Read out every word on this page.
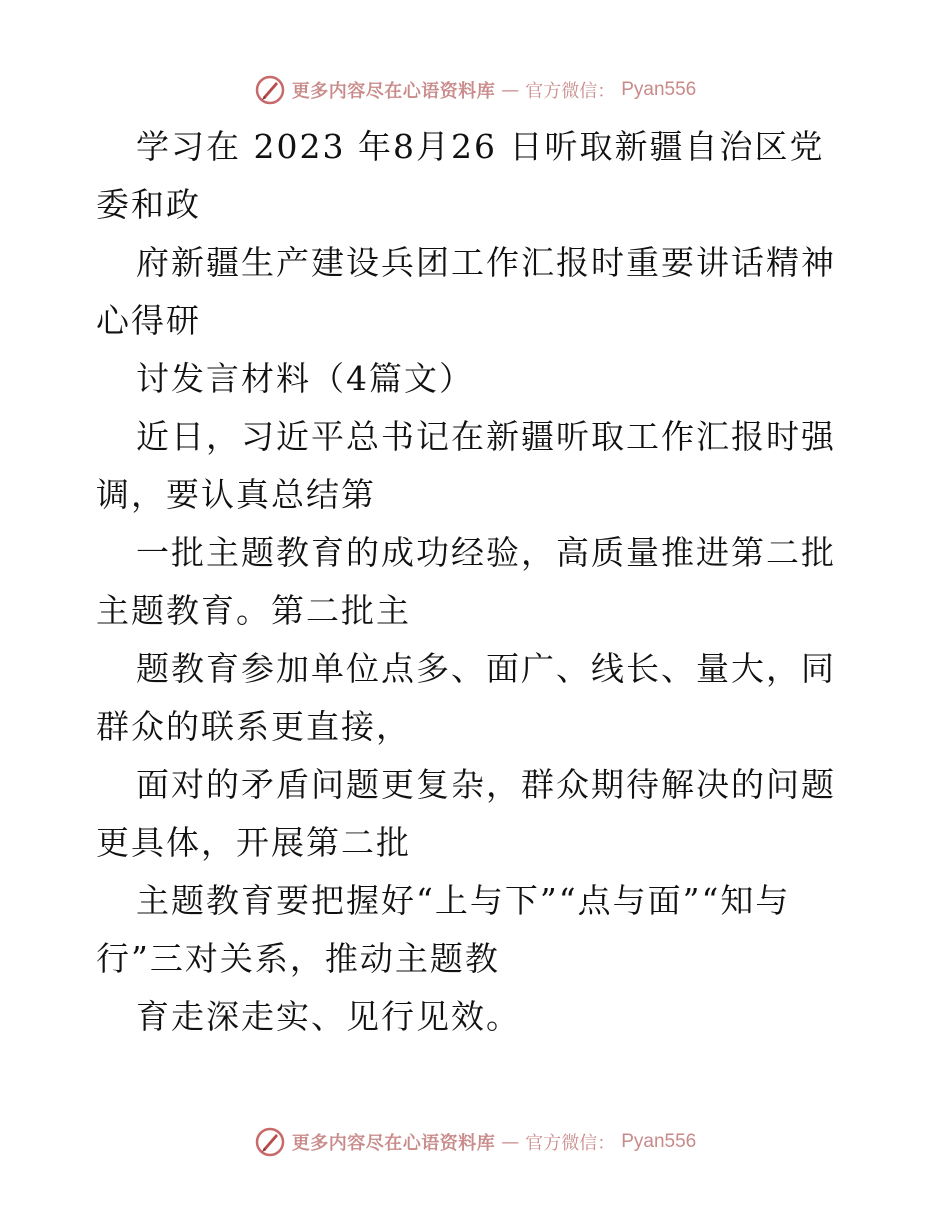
更多内容尽在心语资料库 — 官方微信： Pyan556

学习在 2023 年8月26 日听取新疆自治区党委和政

府新疆生产建设兵团工作汇报时重要讲话精神心得研

讨发言材料（4篇文）

近日，习近平总书记在新疆听取工作汇报时强调，要认真总结第

一批主题教育的成功经验，高质量推进第二批主题教育。第二批主

题教育参加单位点多、面广、线长、量大，同群众的联系更直接，

面对的矛盾问题更复杂，群众期待解决的问题更具体，开展第二批

主题教育要把握好“上与下”“点与面”“知与行”三对关系，推动主题教

育走深走实、见行见效。

更多内容尽在心语资料库 — 官方微信： Pyan556
